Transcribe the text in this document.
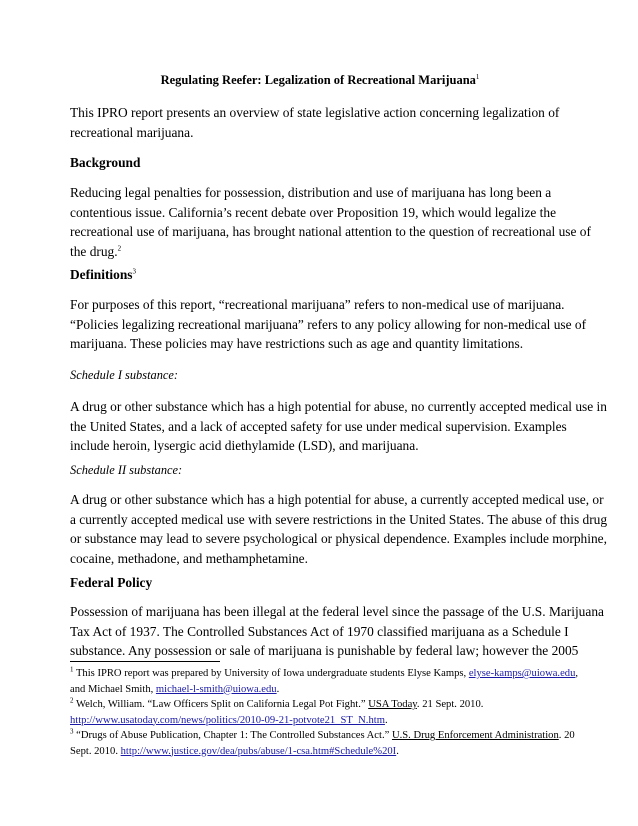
Regulating Reefer: Legalization of Recreational Marijuana$^1$
This IPRO report presents an overview of state legislative action concerning legalization of
recreational marijuana.
Background
Reducing legal penalties for possession, distribution and use of marijuana has long been a
contentious issue. California’s recent debate over Proposition 19, which would legalize the
recreational use of marijuana, has brought national attention to the question of recreational use of
the drug.$^2$
Definitions$^3$
For purposes of this report, “recreational marijuana” refers to non-medical use of marijuana.
“Policies legalizing recreational marijuana” refers to any policy allowing for non-medical use of
marijuana. These policies may have restrictions such as age and quantity limitations.
Schedule I substance:
A drug or other substance which has a high potential for abuse, no currently accepted medical use in
the United States, and a lack of accepted safety for use under medical supervision. Examples
include heroin, lysergic acid diethylamide (LSD), and marijuana.
Schedule II substance:
A drug or other substance which has a high potential for abuse, a currently accepted medical use, or
a currently accepted medical use with severe restrictions in the United States. The abuse of this drug
or substance may lead to severe psychological or physical dependence. Examples include morphine,
cocaine, methadone, and methamphetamine.
Federal Policy
Possession of marijuana has been illegal at the federal level since the passage of the U.S. Marijuana
Tax Act of 1937. The Controlled Substances Act of 1970 classified marijuana as a Schedule I
substance. Any possession or sale of marijuana is punishable by federal law; however the 2005
$^1$ This IPRO report was prepared by University of Iowa undergraduate students Elyse Kamps, elyse-kamps@uiowa.edu,
and Michael Smith, michael-l-smith@uiowa.edu.
$^2$ Welch, William. “Law Officers Split on California Legal Pot Fight.” USA Today. 21 Sept. 2010.
http://www.usatoday.com/news/politics/2010-09-21-potvote21_ST_N.htm.
$^3$ “Drugs of Abuse Publication, Chapter 1: The Controlled Substances Act.” U.S. Drug Enforcement Administration. 20
Sept. 2010. http://www.justice.gov/dea/pubs/abuse/1-csa.htm#Schedule%20I.
